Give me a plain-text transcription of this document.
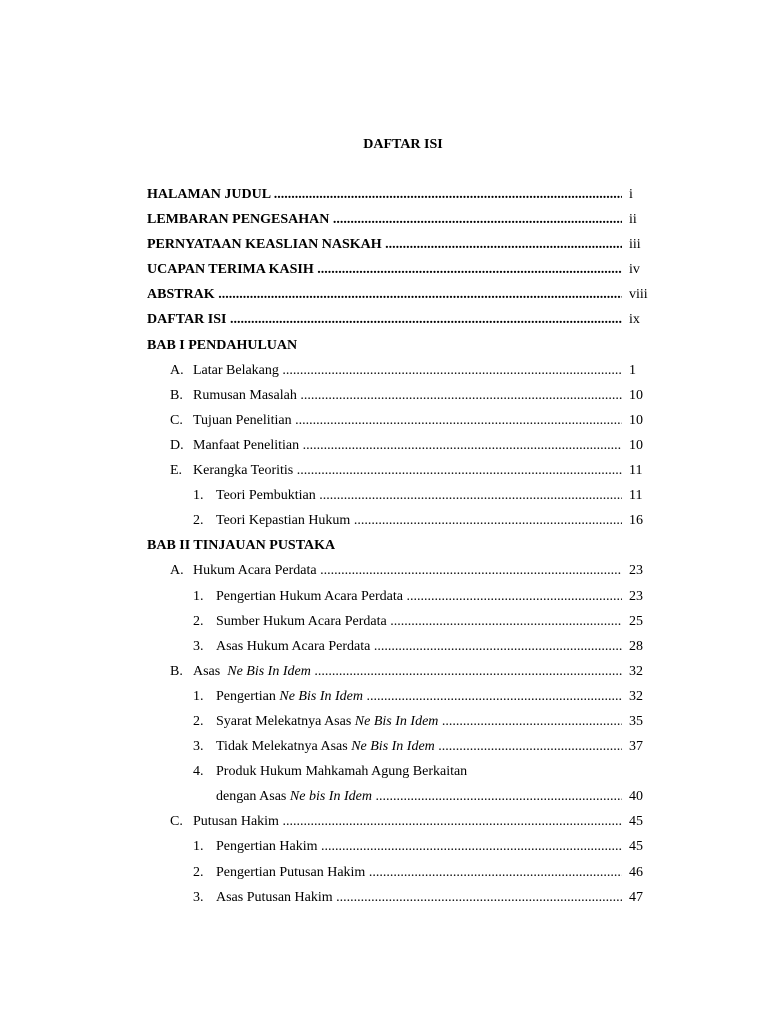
DAFTAR ISI
HALAMAN JUDUL .....	i
LEMBARAN PENGESAHAN .....	ii
PERNYATAAN KEASLIAN NASKAH .....	iii
UCAPAN TERIMA KASIH .....	iv
ABSTRAK .....	viii
DAFTAR ISI .....	ix
BAB I PENDAHULUAN
A. Latar Belakang .....	1
B. Rumusan Masalah .....	10
C. Tujuan Penelitian .....	10
D. Manfaat Penelitian .....	10
E. Kerangka Teoritis .....	11
1. Teori Pembuktian .....	11
2. Teori Kepastian Hukum .....	16
BAB II TINJAUAN PUSTAKA
A. Hukum Acara Perdata .....	23
1. Pengertian Hukum Acara Perdata .....	23
2. Sumber Hukum Acara Perdata .....	25
3. Asas Hukum Acara Perdata .....	28
B. Asas Ne Bis In Idem .....	32
1. Pengertian Ne Bis In Idem .....	32
2. Syarat Melekatnya Asas Ne Bis In Idem .....	35
3. Tidak Melekatnya Asas Ne Bis In Idem .....	37
4. Produk Hukum Mahkamah Agung Berkaitan
dengan Asas Ne bis In Idem .....	40
C. Putusan Hakim .....	45
1. Pengertian Hakim .....	45
2. Pengertian Putusan Hakim .....	46
3. Asas Putusan Hakim .....	47
